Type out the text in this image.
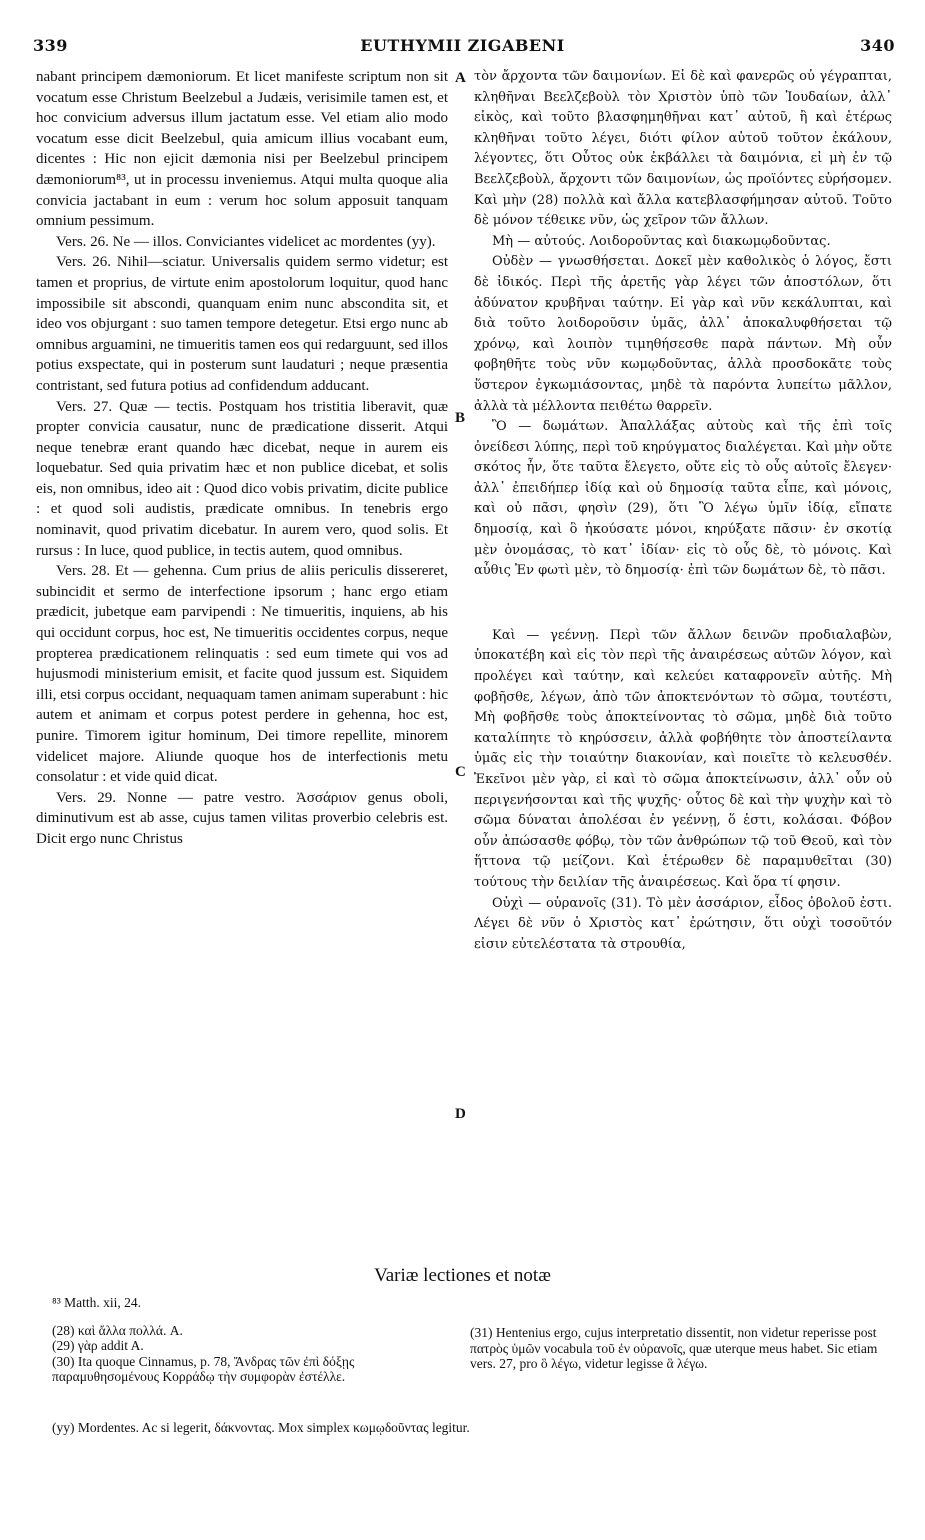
339	EUTHYMII ZIGABENI	340

nabant principem dæmoniorum. Et licet manifeste scriptum non sit vocatum esse Christum Beelzebul a Judæis, verisimile tamen est, et hoc convicium adversus illum jactatum esse. Vel etiam alio modo vocatum esse dicit Beelzebul, quia amicum illius vocabant eum, dicentes : Hic non ejicit dæmonia nisi per Beelzebul principem dæmoniorum⁸³, ut in processu inveniemus. Atqui multa quoque alia convicia jactabant in eum : verum hoc solum apposuit tanquam omnium pessimum.

Vers. 26. Ne — illos. Conviciantes videlicet ac mordentes (yy).

Vers. 26. Nihil—sciatur. Universalis quidem sermo videtur; est tamen et proprius, de virtute enim apostolorum loquitur, quod hanc impossibile sit abscondi, quanquam enim nunc abscondita sit, et ideo vos objurgant : suo tamen tempore detegetur. Etsi ergo nunc ab omnibus arguamini, ne timueritis tamen eos qui redarguunt, sed illos potius exspectate, qui in posterum sunt laudaturi ; neque præsentia contristant, sed futura potius ad confidendum adducant.

Vers. 27. Quæ — tectis. Postquam hos tristitia liberavit, quæ propter convicia causatur, nunc de prædicatione disserit. Atqui neque tenebræ erant quando hæc dicebat, neque in aurem eis loquebatur. Sed quia privatim hæc et non publice dicebat, et solis eis, non omnibus, ideo ait : Quod dico vobis privatim, dicite publice : et quod soli audistis, prædicate omnibus. In tenebris ergo nominavit, quod privatim dicebatur. In aurem vero, quod solis. Et rursus : In luce, quod publice, in tectis autem, quod omnibus.

Vers. 28. Et — gehenna. Cum prius de aliis periculis dissereret, subincidit et sermo de interfectione ipsorum ; hanc ergo etiam prædicit, jubetque eam parvipendi : Ne timueritis, inquiens, ab his qui occidunt corpus, hoc est, Ne timueritis occidentes corpus, neque propterea prædicationem relinquatis : sed eum timete qui vos ad hujusmodi ministerium emisit, et facite quod jussum est. Siquidem illi, etsi corpus occidant, nequaquam tamen animam superabunt : hic autem et animam et corpus potest perdere in gehenna, hoc est, punire. Timorem igitur hominum, Dei timore repellite, minorem videlicet majore. Aliunde quoque hos de interfectionis metu consolatur : et vide quid dicat.

Vers. 29. Nonne — patre vestro. Ἀσσάριον genus oboli, diminutivum est ab asse, cujus tamen vilitas proverbio celebris est. Dicit ergo nunc Christus

A
B
C
D

τὸν ἄρχοντα τῶν δαιμονίων. Εἰ δὲ καὶ φανερῶς οὐ γέγραπται, κληθῆναι Βεελζεβοὺλ τὸν Χριστὸν ὑπὸ τῶν Ἰουδαίων, ἀλλ᾽ εἰκὸς, καὶ τοῦτο βλασφημηθῆναι κατ᾽ αὐτοῦ, ἢ καὶ ἑτέρως κληθῆναι τοῦτο λέγει, διότι φίλον αὐτοῦ τοῦτον ἐκάλουν, λέγοντες, ὅτι Οὗτος οὐκ ἐκβάλλει τὰ δαιμόνια, εἰ μὴ ἐν τῷ Βεελζεβοὺλ, ἄρχοντι τῶν δαιμονίων, ὡς προϊόντες εὑρήσομεν. Καὶ μὴν (28) πολλὰ καὶ ἄλλα κατεβλασφήμησαν αὐτοῦ. Τοῦτο δὲ μόνον τέθεικε νῦν, ὡς χεῖρον τῶν ἄλλων.

Μὴ — αὐτούς. Λοιδοροῦντας καὶ διακωμῳδοῦντας.

Οὐδὲν — γνωσθήσεται. Δοκεῖ μὲν καθολικὸς ὁ λόγος, ἔστι δὲ ἰδικός. Περὶ τῆς ἀρετῆς γὰρ λέγει τῶν ἀποστόλων, ὅτι ἀδύνατον κρυβῆναι ταύτην. Εἰ γὰρ καὶ νῦν κεκάλυπται, καὶ διὰ τοῦτο λοιδοροῦσιν ὑμᾶς, ἀλλ᾽ ἀποκαλυφθήσεται τῷ χρόνῳ, καὶ λοιπὸν τιμηθήσεσθε παρὰ πάντων. Μὴ οὖν φοβηθῆτε τοὺς νῦν κωμῳδοῦντας, ἀλλὰ προσδοκᾶτε τοὺς ὕστερον ἐγκωμιάσοντας, μηδὲ τὰ παρόντα λυπείτω μᾶλλον, ἀλλὰ τὰ μέλλοντα πειθέτω θαρρεῖν.

Ὃ — δωμάτων. Ἀπαλλάξας αὐτοὺς καὶ τῆς ἐπὶ τοῖς ὀνείδεσι λύπης, περὶ τοῦ κηρύγματος διαλέγεται. Καὶ μὴν οὔτε σκότος ἦν, ὅτε ταῦτα ἔλεγετο, οὔτε εἰς τὸ οὖς αὐτοῖς ἔλεγεν· ἀλλ᾽ ἐπειδήπερ ἰδίᾳ καὶ οὐ δημοσίᾳ ταῦτα εἶπε, καὶ μόνοις, καὶ οὐ πᾶσι, φησὶν (29), ὅτι Ὃ λέγω ὑμῖν ἰδίᾳ, εἴπατε δημοσίᾳ, καὶ ὃ ἠκούσατε μόνοι, κηρύξατε πᾶσιν· ἐν σκοτίᾳ μὲν ὀνομάσας, τὸ κατ᾽ ἰδίαν· εἰς τὸ οὖς δὲ, τὸ μόνοις. Καὶ αὖθις Ἐν φωτὶ μὲν, τὸ δημοσίᾳ· ἐπὶ τῶν δωμάτων δὲ, τὸ πᾶσι.

Καὶ — γεέννῃ. Περὶ τῶν ἄλλων δεινῶν προδιαλαβὼν, ὑποκατέβη καὶ εἰς τὸν περὶ τῆς ἀναιρέσεως αὐτῶν λόγον, καὶ προλέγει καὶ ταύτην, καὶ κελεύει καταφρονεῖν αὐτῆς. Μὴ φοβῆσθε, λέγων, ἀπὸ τῶν ἀποκτενόντων τὸ σῶμα, τουτέστι, Μὴ φοβῆσθε τοὺς ἀποκτείνοντας τὸ σῶμα, μηδὲ διὰ τοῦτο καταλίπητε τὸ κηρύσσειν, ἀλλὰ φοβήθητε τὸν ἀποστείλαντα ὑμᾶς εἰς τὴν τοιαύτην διακονίαν, καὶ ποιεῖτε τὸ κελευσθέν. Ἐκεῖνοι μὲν γὰρ, εἰ καὶ τὸ σῶμα ἀποκτείνωσιν, ἀλλ᾽ οὖν οὐ περιγενήσονται καὶ τῆς ψυχῆς· οὗτος δὲ καὶ τὴν ψυχὴν καὶ τὸ σῶμα δύναται ἀπολέσαι ἐν γεέννῃ, ὅ ἐστι, κολάσαι. Φόβον οὖν ἀπώσασθε φόβῳ, τὸν τῶν ἀνθρώπων τῷ τοῦ Θεοῦ, καὶ τὸν ἥττονα τῷ μείζονι. Καὶ ἑτέρωθεν δὲ παραμυθεῖται (30) τούτους τὴν δειλίαν τῆς ἀναιρέσεως. Καὶ ὅρα τί φησιν.

Οὐχὶ — οὐρανοῖς (31). Τὸ μὲν ἀσσάριον, εἶδος ὀβολοῦ ἐστι. Λέγει δὲ νῦν ὁ Χριστὸς κατ᾽ ἐρώτησιν, ὅτι οὐχὶ τοσοῦτόν εἰσιν εὐτελέστατα τὰ στρουθία,

Variæ lectiones et notæ

⁸³ Matth. xii, 24.

(28) καὶ ἄλλα πολλά. A.

(29) γὰρ addit A.

(30) Ita quoque Cinnamus, p. 78, Ἄνδρας τῶν ἐπὶ δόξῃς παραμυθησομένους Κορράδῳ τὴν συμφορὰν ἐστέλλε.

(31) Hentenius ergo, cujus interpretatio dissentit, non videtur reperisse post πατρὸς ὑμῶν vocabula τοῦ ἐν οὐρανοῖς, quæ uterque meus habet. Sic etiam vers. 27, pro ὃ λέγω, videtur legisse ἃ λέγω.

(yy) Mordentes. Ac si legerit, δάκνοντας. Mox simplex κωμῳδοῦντας legitur.
